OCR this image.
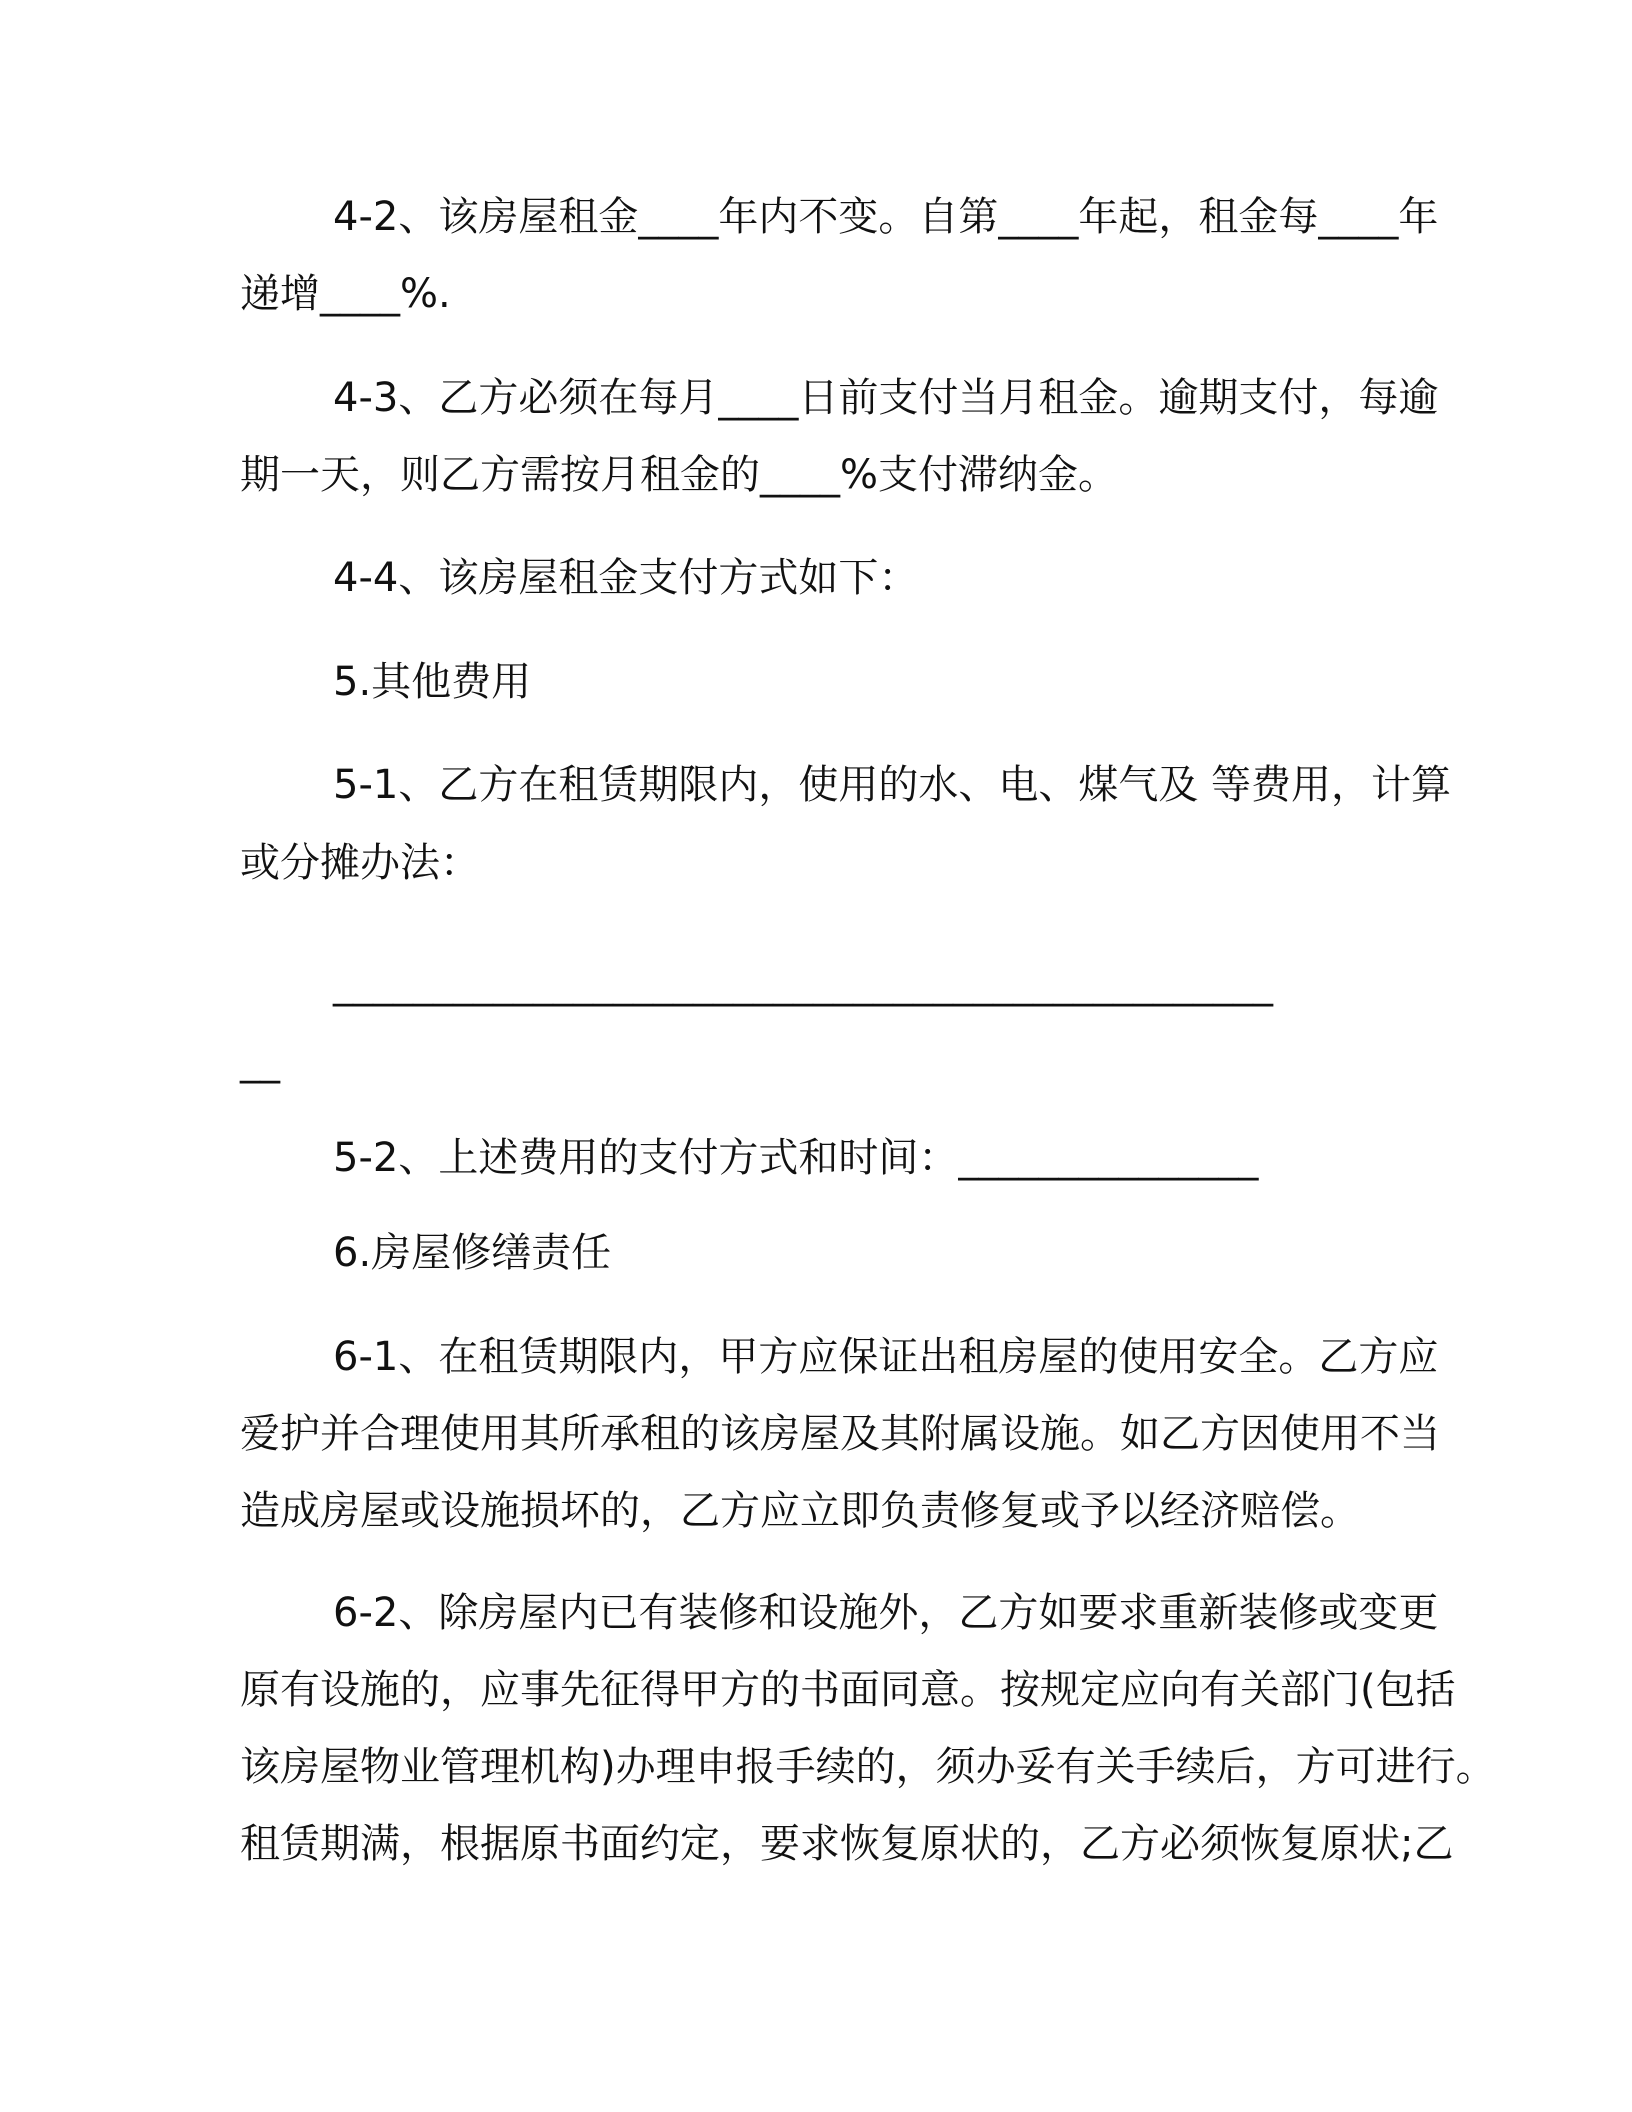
4-2、该房屋租金____年内不变。自第____年起，租金每____年
递增____%.
4-3、乙方必须在每月____日前支付当月租金。逾期支付，每逾
期一天，则乙方需按月租金的____%支付滞纳金。
4-4、该房屋租金支付方式如下：
5.其他费用
5-1、乙方在租赁期限内，使用的水、电、煤气及 等费用，计算
或分摊办法：
_______________________________________________
__
5-2、上述费用的支付方式和时间：_______________
6.房屋修缮责任
6-1、在租赁期限内，甲方应保证出租房屋的使用安全。乙方应
爱护并合理使用其所承租的该房屋及其附属设施。如乙方因使用不当
造成房屋或设施损坏的，乙方应立即负责修复或予以经济赔偿。
6-2、除房屋内已有装修和设施外，乙方如要求重新装修或变更
原有设施的，应事先征得甲方的书面同意。按规定应向有关部门(包括
该房屋物业管理机构)办理申报手续的，须办妥有关手续后，方可进行。
租赁期满，根据原书面约定，要求恢复原状的，乙方必须恢复原状;乙
